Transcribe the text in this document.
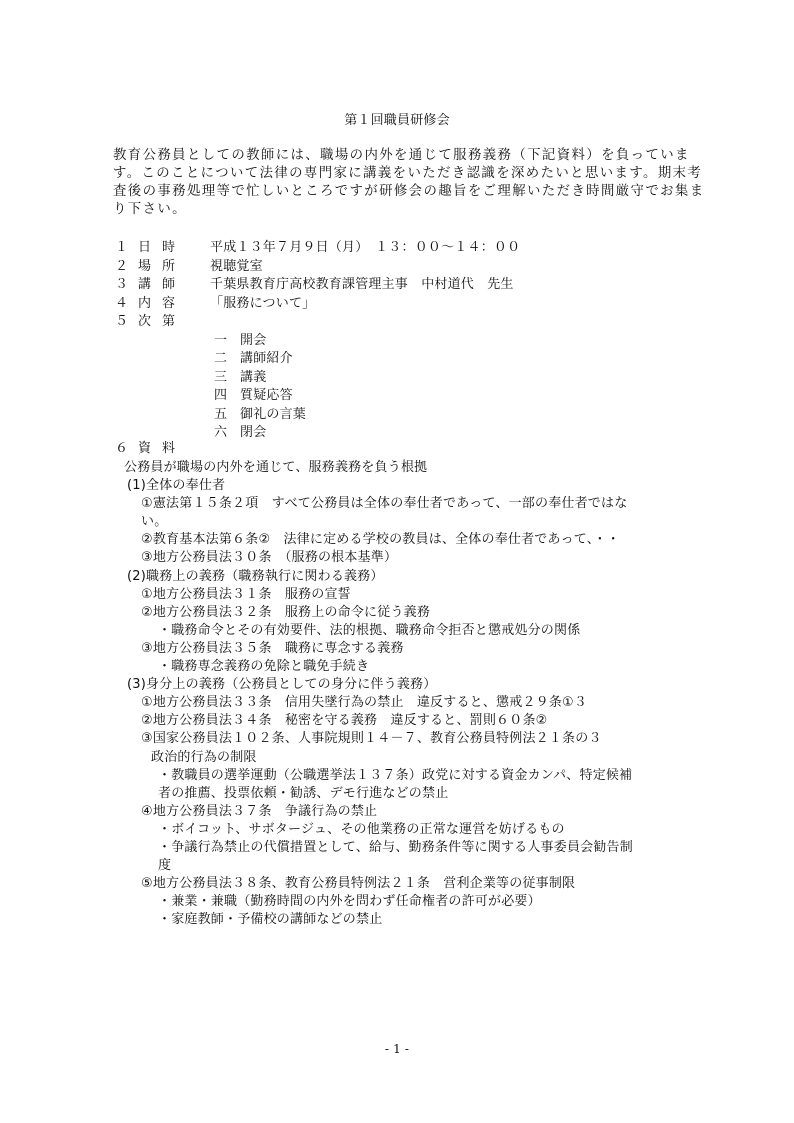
第１回職員研修会
教育公務員としての教師には、職場の内外を通じて服務義務（下記資料）を負っていま
す。このことについて法律の専門家に講義をいただき認識を深めたいと思います。期末考
査後の事務処理等で忙しいところですが研修会の趣旨をご理解いただき時間厳守でお集ま
り下さい。
１ 日時 平成１３年７月９日（月）　１３：００～１４：００
２ 場所 視聴覚室
３ 講師 千葉県教育庁高校教育課管理主事　中村道代　先生
４ 内容 「服務について」
５ 次第
一 開会
二 講師紹介
三 講義
四 質疑応答
五 御礼の言葉
六 閉会
６ 資料
公務員が職場の内外を通じて、服務義務を負う根拠
(1)全体の奉仕者
①憲法第１５条２項　すべて公務員は全体の奉仕者であって、一部の奉仕者ではな
い。
②教育基本法第６条②　法律に定める学校の教員は、全体の奉仕者であって、・・
③地方公務員法３０条　（服務の根本基準）
(2)職務上の義務（職務執行に関わる義務）
①地方公務員法３１条　服務の宣誓
②地方公務員法３２条　服務上の命令に従う義務
・職務命令とその有効要件、法的根拠、職務命令拒否と懲戒処分の関係
③地方公務員法３５条　職務に専念する義務
・職務専念義務の免除と職免手続き
(3)身分上の義務（公務員としての身分に伴う義務）
①地方公務員法３３条　信用失墜行為の禁止　違反すると、懲戒２９条①３
②地方公務員法３４条　秘密を守る義務　違反すると、罰則６０条②
③国家公務員法１０２条、人事院規則１４－７、教育公務員特例法２１条の３
政治的行為の制限
・教職員の選挙運動（公職選挙法１３７条）政党に対する資金カンパ、特定候補
者の推薦、投票依頼・勧誘、デモ行進などの禁止
④地方公務員法３７条　争議行為の禁止
・ボイコット、サボタージュ、その他業務の正常な運営を妨げるもの
・争議行為禁止の代償措置として、給与、勤務条件等に関する人事委員会勧告制
度
⑤地方公務員法３８条、教育公務員特例法２１条　営利企業等の従事制限
・兼業・兼職（勤務時間の内外を問わず任命権者の許可が必要）
・家庭教師・予備校の講師などの禁止
- 1 -
